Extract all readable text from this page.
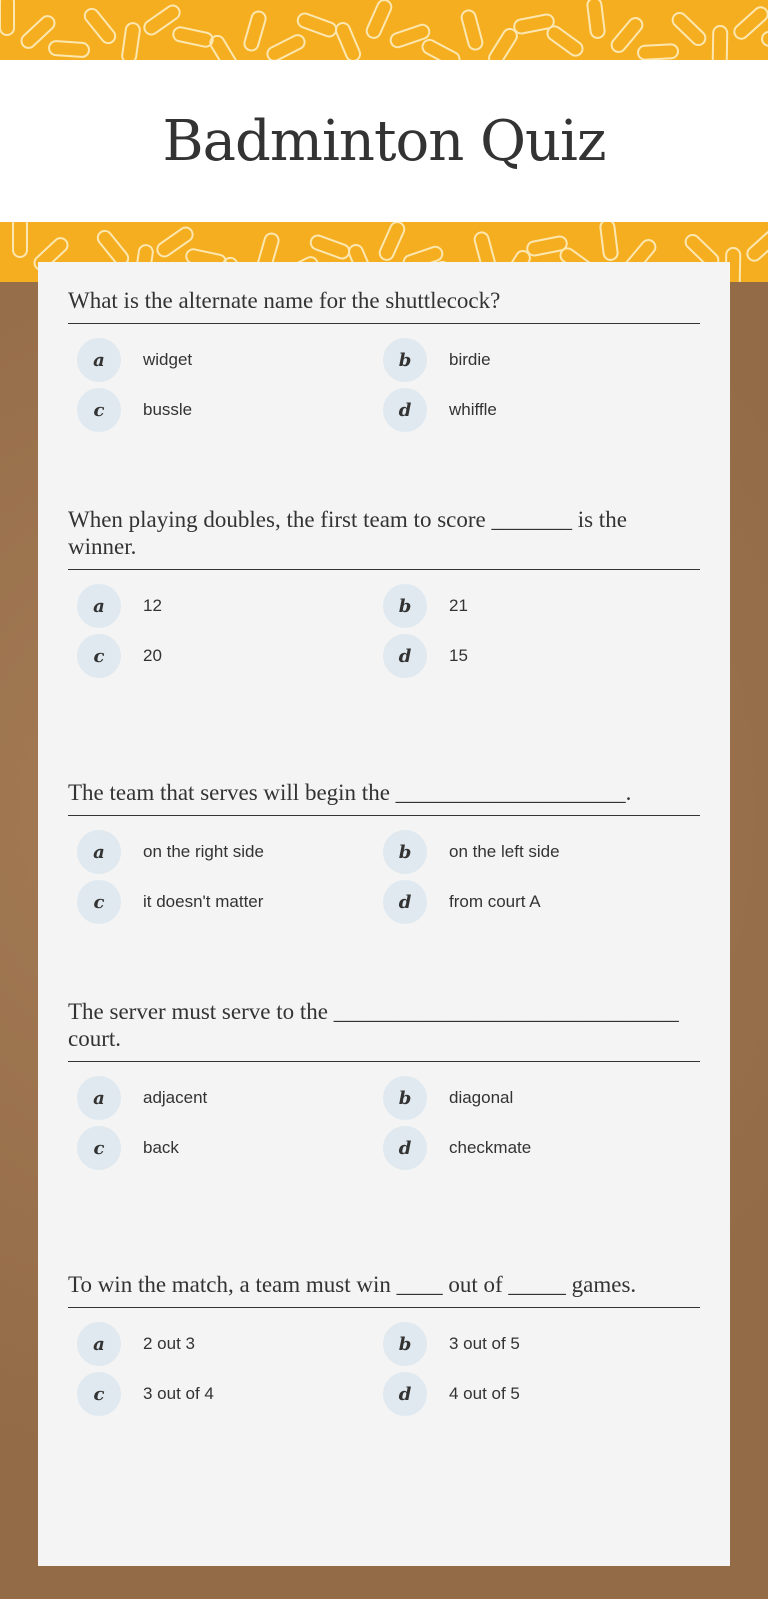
Badminton Quiz
What is the alternate name for the shuttlecock?
a	widget	b	birdie
c	bussle	d	whiffle
When playing doubles, the first team to score _______ is the winner.
a	12	b	21
c	20	d	15
The team that serves will begin the ____________________.
a	on the right side	b	on the left side
c	it doesn't matter	d	from court A
The server must serve to the ______________________________ court.
a	adjacent	b	diagonal
c	back	d	checkmate
To win the match, a team must win ____ out of _____ games.
a	2 out 3	b	3 out of 5
c	3 out of 4	d	4 out of 5
